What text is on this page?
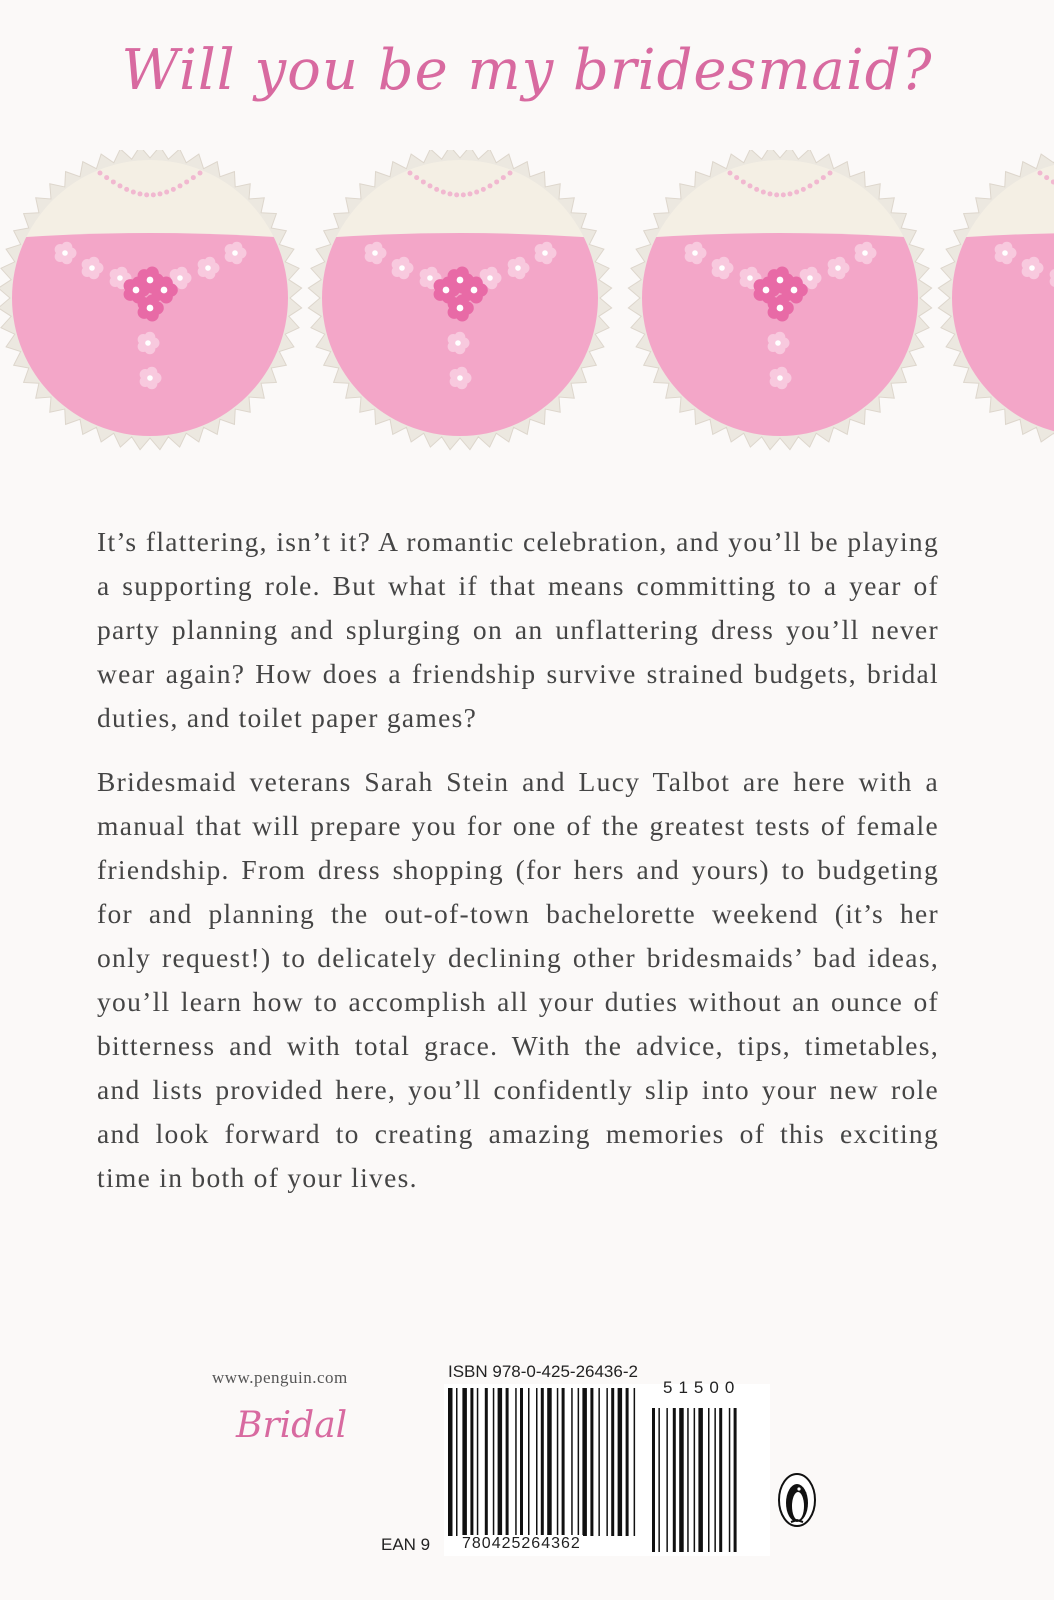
Will you be my bridesmaid?

It’s flattering, isn’t it? A romantic celebration, and you’ll be playing a supporting role. But what if that means committing to a year of party planning and splurging on an unflattering dress you’ll never wear again? How does a friendship survive strained budgets, bridal duties, and toilet paper games?

Bridesmaid veterans Sarah Stein and Lucy Talbot are here with a manual that will prepare you for one of the greatest tests of female friendship. From dress shopping (for hers and yours) to budgeting for and planning the out-of-town bachelorette weekend (it’s her only request!) to delicately declining other bridesmaids’ bad ideas, you’ll learn how to accomplish all your duties without an ounce of bitterness and with total grace. With the advice, tips, timetables, and lists provided here, you’ll confidently slip into your new role and look forward to creating amazing memories of this exciting time in both of your lives.

www.penguin.com
Bridal
ISBN 978-0-425-26436-2
51500
EAN 9 780425264362
